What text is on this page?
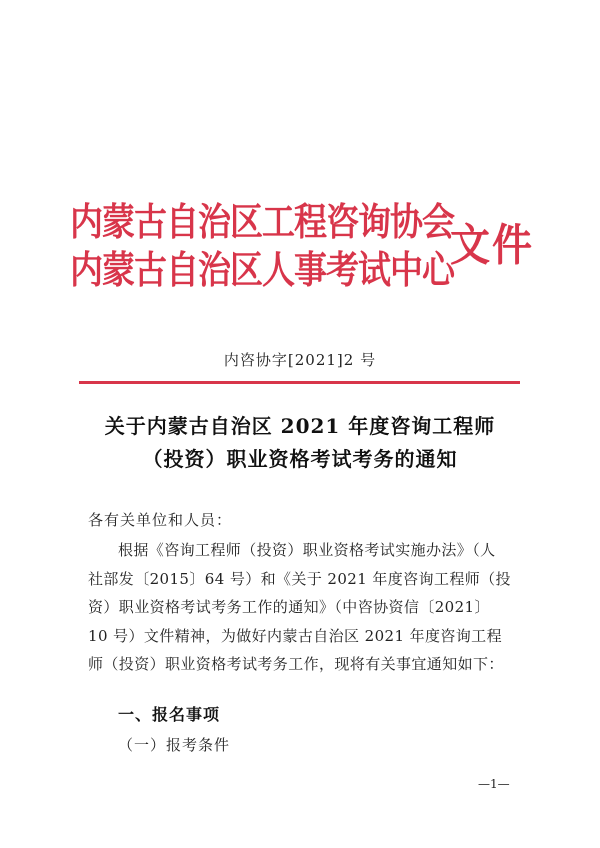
内蒙古自治区工程咨询协会
内蒙古自治区人事考试中心
文件
内咨协字[2021]2 号
关于内蒙古自治区 2021 年度咨询工程师
（投资）职业资格考试考务的通知
各有关单位和人员：
根据《咨询工程师（投资）职业资格考试实施办法》（人
社部发〔2015〕64 号）和《关于 2021 年度咨询工程师（投
资）职业资格考试考务工作的通知》（中咨协资信〔2021〕
10 号）文件精神，为做好内蒙古自治区 2021 年度咨询工程
师（投资）职业资格考试考务工作，现将有关事宜通知如下：
一、报名事项
（一）报考条件
—1—
